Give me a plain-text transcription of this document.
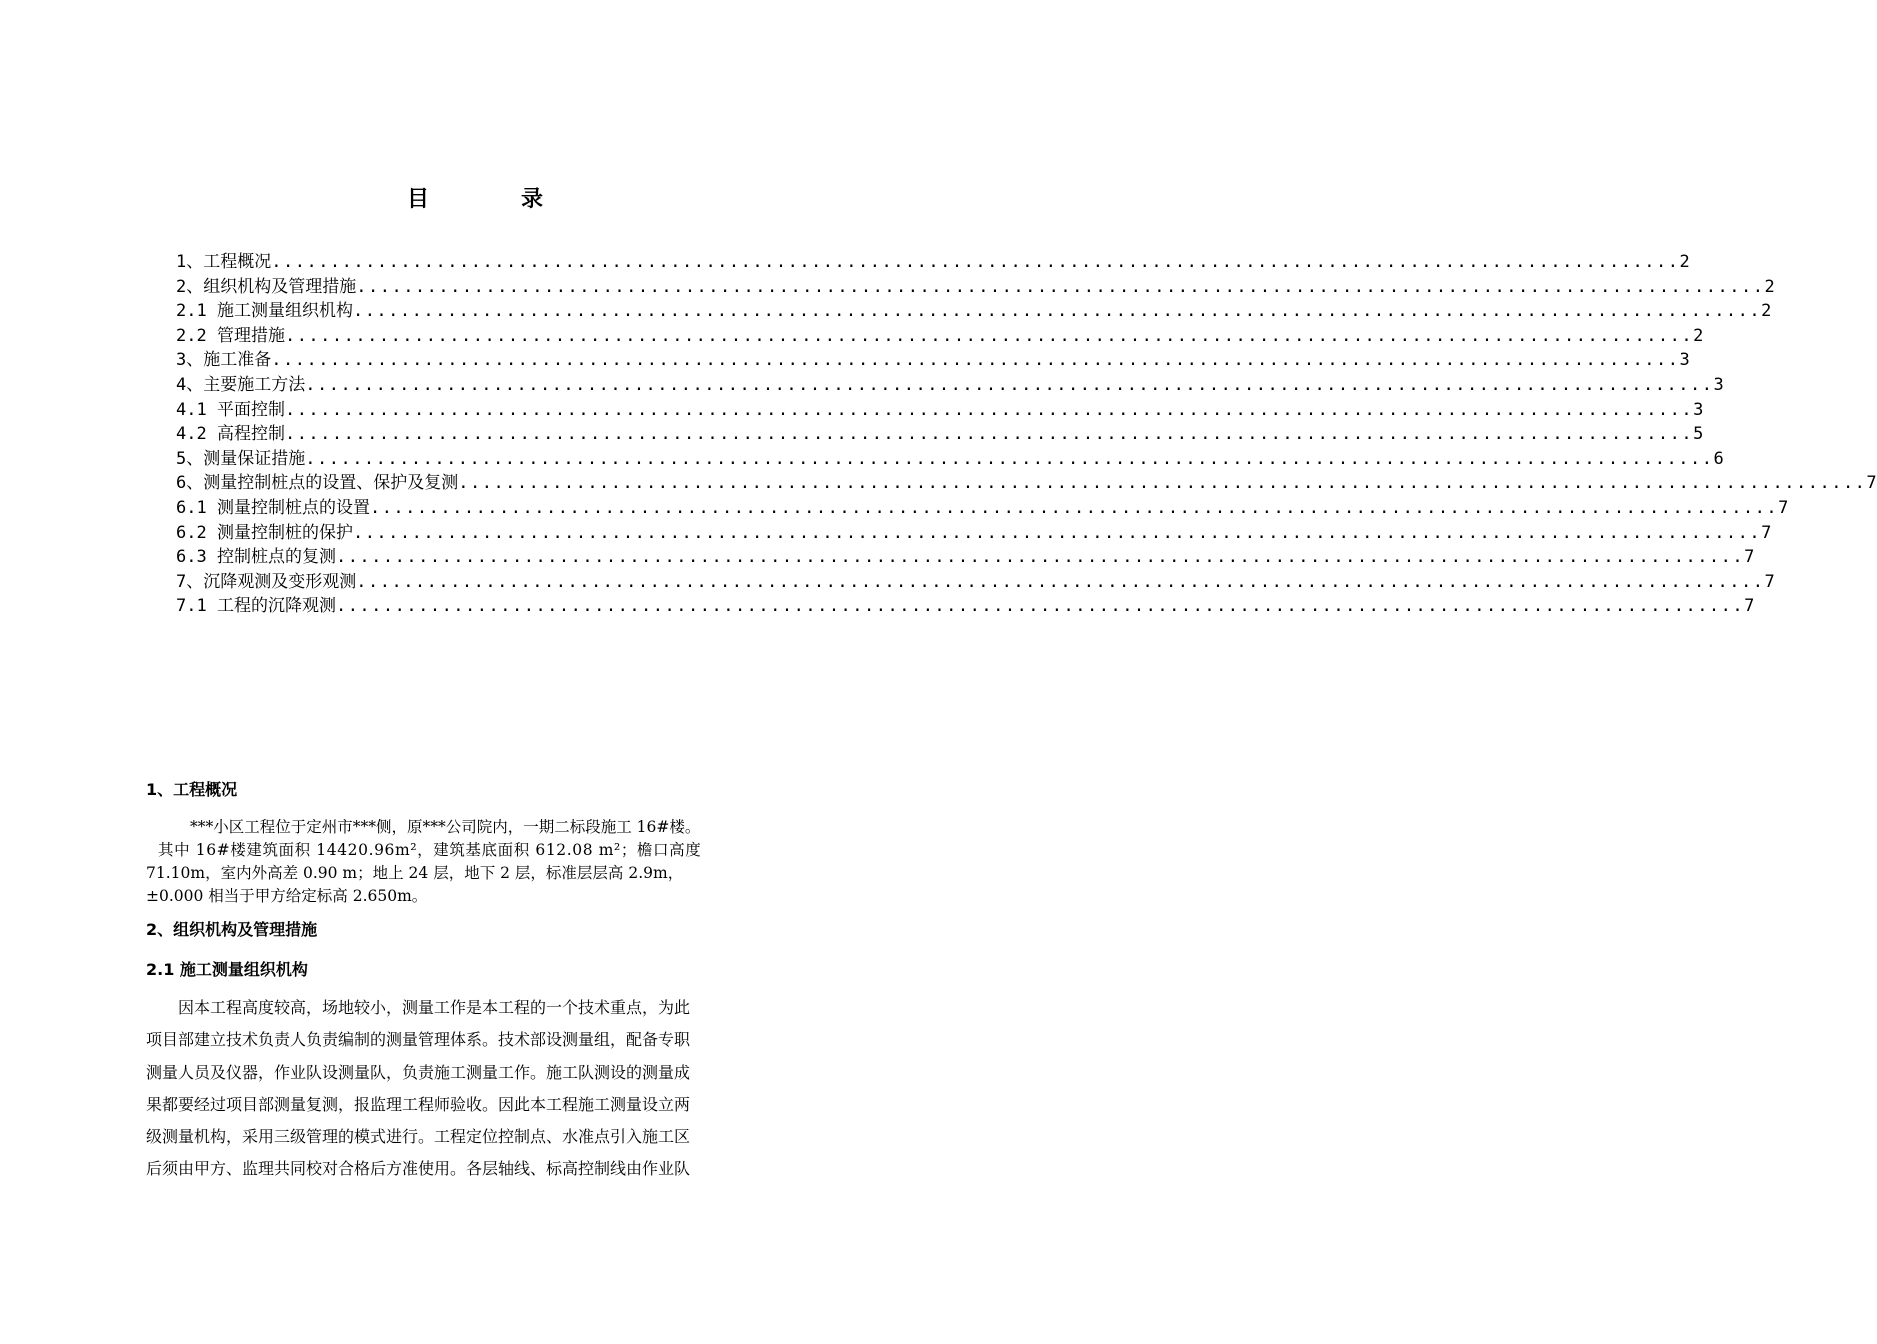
目录
1、工程概况 ........................................................................................................................ 2
2、组织机构及管理措施 ........................................................................................................................ 2
2.1 施工测量组织机构 ........................................................................................................................ 2
2.2 管理措施 ........................................................................................................................ 2
3、施工准备 ........................................................................................................................ 3
4、主要施工方法 ........................................................................................................................ 3
4.1 平面控制 ........................................................................................................................ 3
4.2 高程控制 ........................................................................................................................ 5
5、测量保证措施 ........................................................................................................................ 6
6、测量控制桩点的设置、保护及复测 ........................................................................................................................ 7
6.1 测量控制桩点的设置 ........................................................................................................................ 7
6.2 测量控制桩的保护 ........................................................................................................................ 7
6.3 控制桩点的复测 ........................................................................................................................ 7
7、沉降观测及变形观测 ........................................................................................................................ 7
7.1 工程的沉降观测 ........................................................................................................................ 7
1、工程概况
***小区工程位于定州市***侧，原***公司院内，一期二标段施工 16#楼。
其中 16#楼建筑面积 14420.96m²，建筑基底面积 612.08 m²；檐口高度
71.10m，室内外高差 0.90 m；地上 24 层，地下 2 层，标准层层高 2.9m，
±0.000 相当于甲方给定标高 2.650m。
2、组织机构及管理措施
2.1 施工测量组织机构
因本工程高度较高，场地较小，测量工作是本工程的一个技术重点，为此
项目部建立技术负责人负责编制的测量管理体系。技术部设测量组，配备专职
测量人员及仪器，作业队设测量队，负责施工测量工作。施工队测设的测量成
果都要经过项目部测量复测，报监理工程师验收。因此本工程施工测量设立两
级测量机构，采用三级管理的模式进行。工程定位控制点、水准点引入施工区
后须由甲方、监理共同校对合格后方准使用。各层轴线、标高控制线由作业队
